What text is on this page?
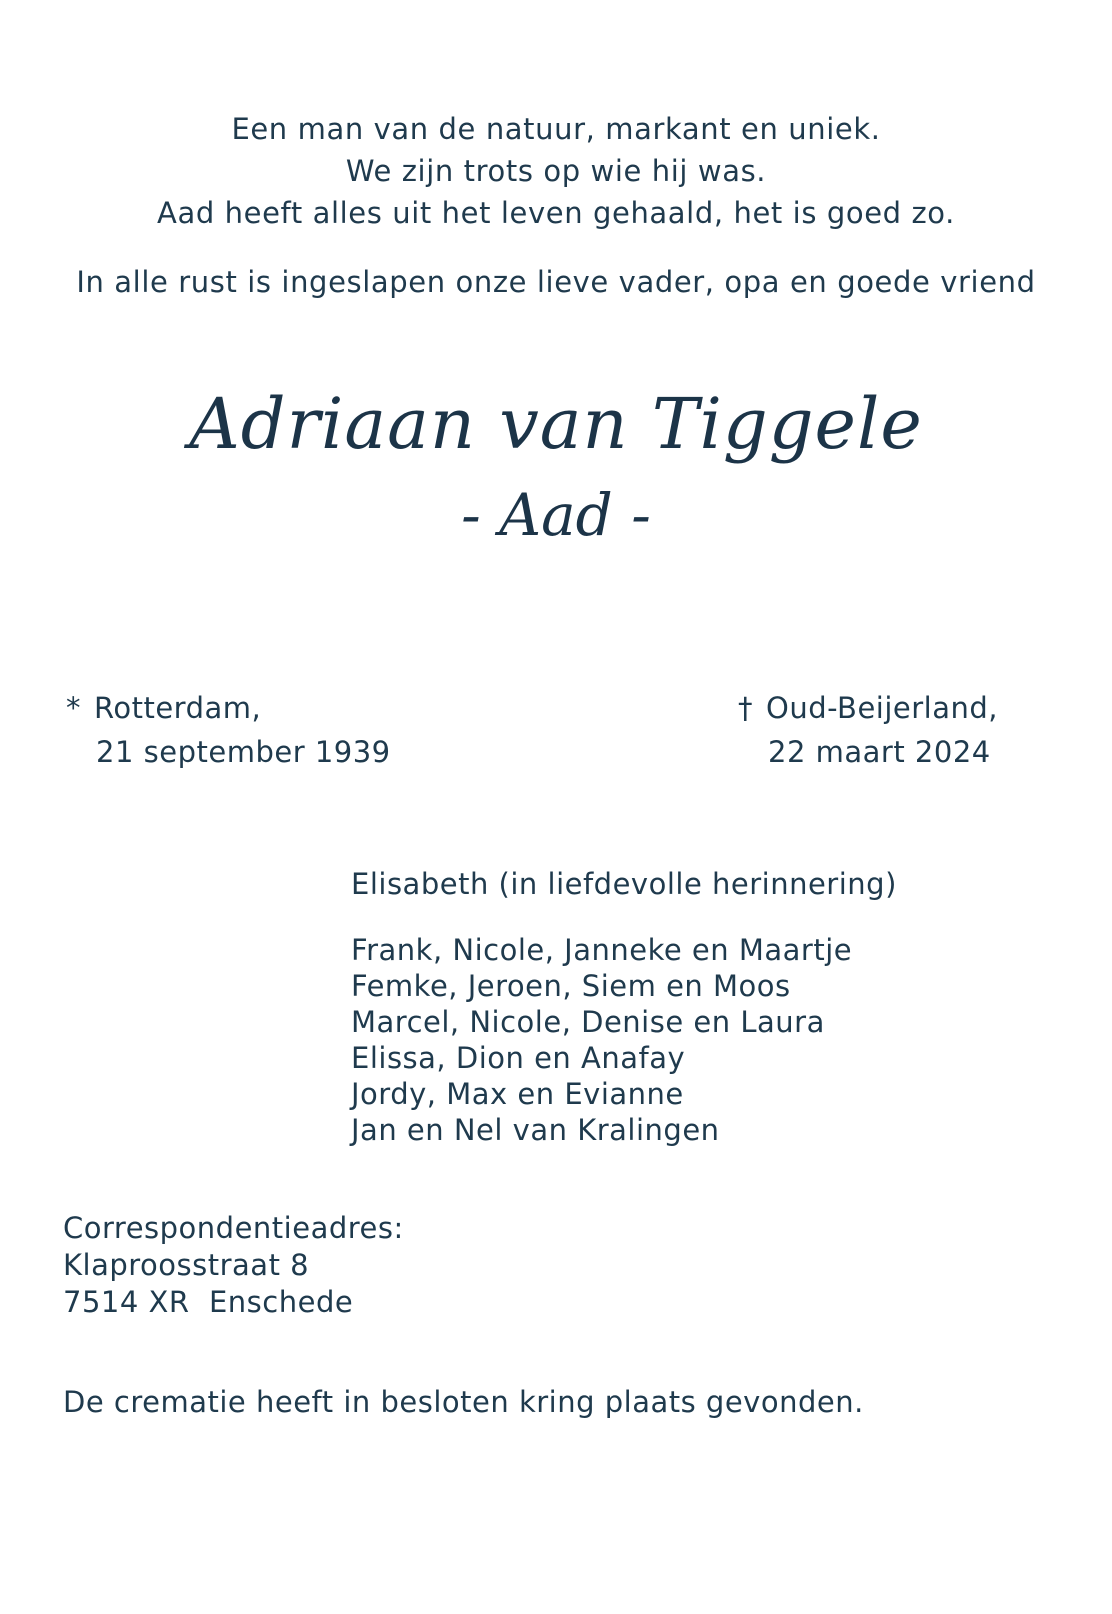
Een man van de natuur, markant en uniek.
We zijn trots op wie hij was.
Aad heeft alles uit het leven gehaald, het is goed zo.
In alle rust is ingeslapen onze lieve vader, opa en goede vriend
Adriaan van Tiggele
- Aad -
* Rotterdam,
21 september 1939
† Oud-Beijerland,
22 maart 2024
Elisabeth (in liefdevolle herinnering)
Frank, Nicole, Janneke en Maartje
Femke, Jeroen, Siem en Moos
Marcel, Nicole, Denise en Laura
Elissa, Dion en Anafay
Jordy, Max en Evianne
Jan en Nel van Kralingen
Correspondentieadres:
Klaproosstraat 8
7514 XR  Enschede
De crematie heeft in besloten kring plaats gevonden.
